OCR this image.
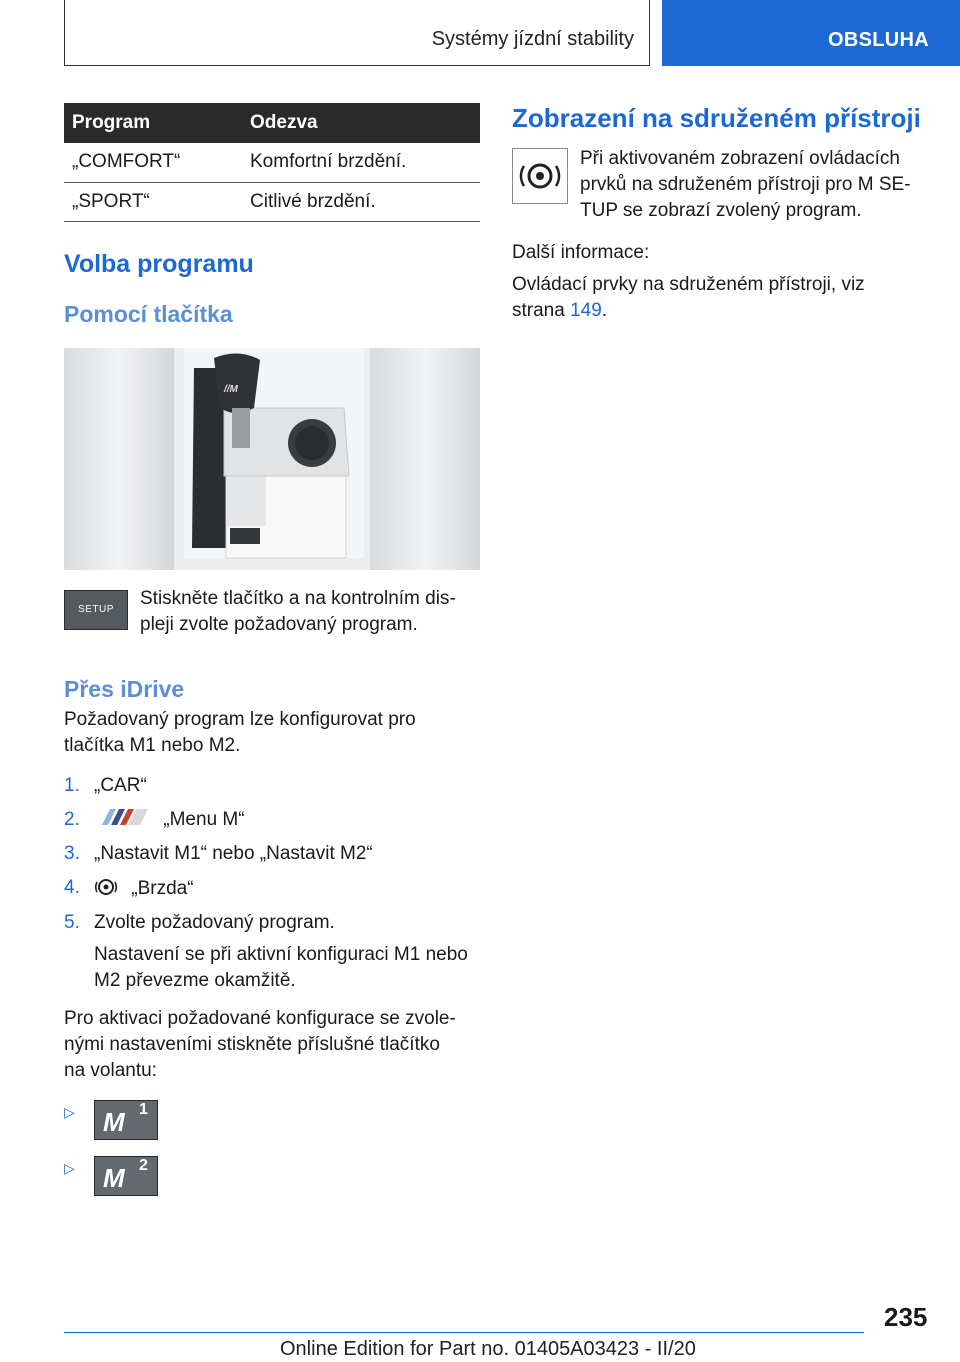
Systémy jízdní stability	OBSLUHA
Program	Odezva
„COMFORT“	Komfortní brzdění.
„SPORT“	Citlivé brzdění.
Volba programu
Pomocí tlačítka
//M
SETUP

Stiskněte tlačítko a na kontrolním displeji zvolte požadovaný program.

Přes iDrive

Požadovaný program lze konfigurovat pro tlačítka M1 nebo M2.

1. „CAR“
2.	„Menu M“
3. „Nastavit M1“ nebo „Nastavit M2“
4.	„Brzda“
5. Zvolte požadovaný program.

Nastavení se při aktivní konfiguraci M1 nebo M2 převezme okamžitě.

Pro aktivaci požadované konfigurace se zvolenými nastaveními stiskněte příslušné tlačítko na volantu:

▷ M 1
▷ M 2
Zobrazení na sdruženém přístroji

Při aktivovaném zobrazení ovládacích prvků na sdruženém přístroji pro M SETUP se zobrazí zvolený program.

Další informace:

Ovládací prvky na sdruženém přístroji, viz strana 149.

235
Online Edition for Part no. 01405A03423 - II/20
